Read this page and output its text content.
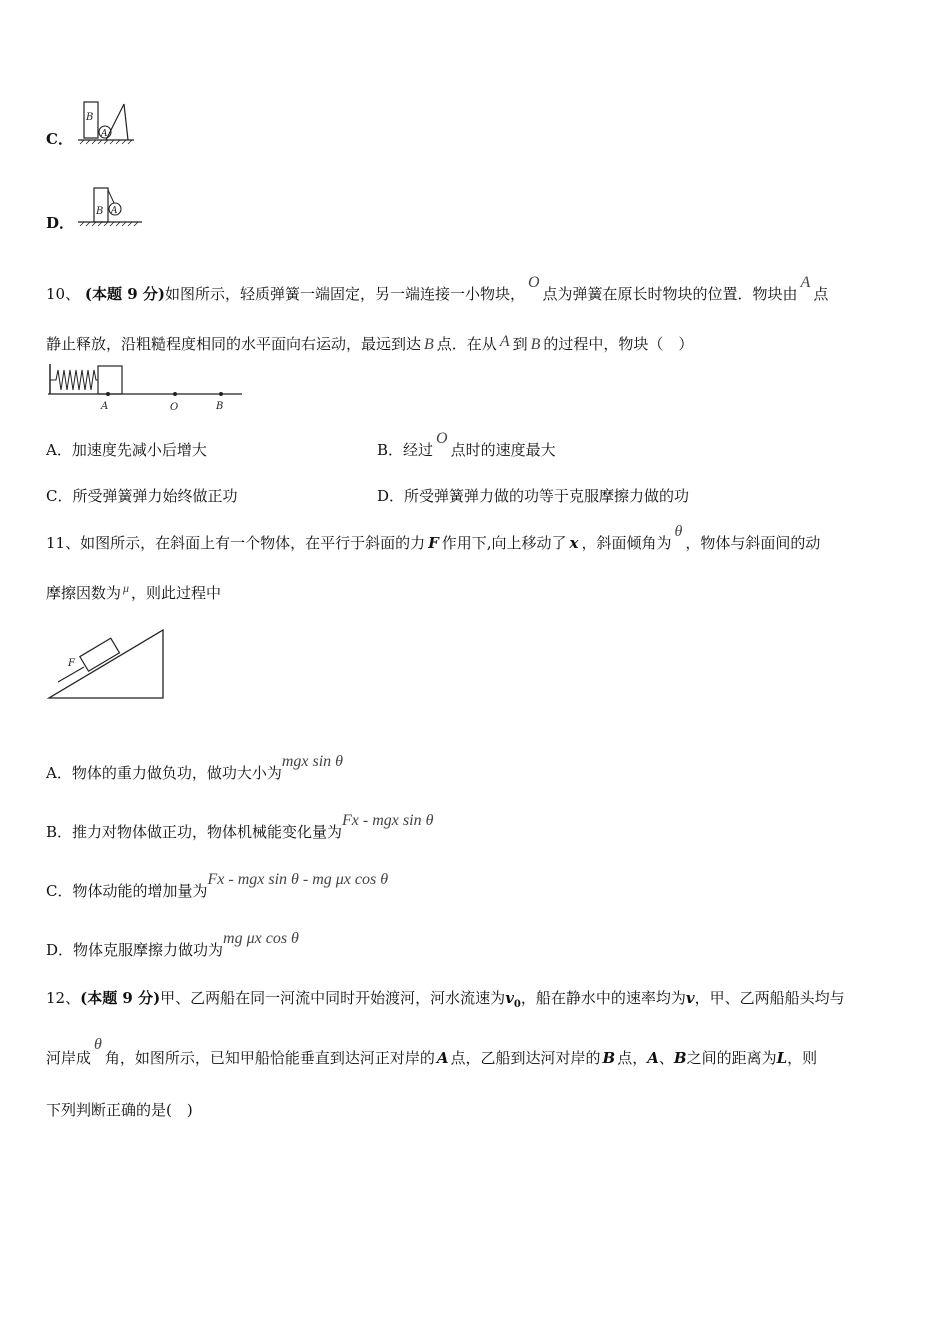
C．
B
A
D．
B A
10、 (本题 9 分)如图所示，轻质弹簧一端固定，另一端连接一小物块，O点为弹簧在原长时物块的位置．物块由A点
静止释放，沿粗糙程度相同的水平面向右运动，最远到达 B 点．在从 A 到 B 的过程中，物块（　）
A	O	B
A．加速度先减小后增大	B．经过O点时的速度最大
C．所受弹簧弹力始终做正功	D．所受弹簧弹力做的功等于克服摩擦力做的功
11、如图所示，在斜面上有一个物体，在平行于斜面的力 F 作用下,向上移动了 x ，斜面倾角为θ，物体与斜面间的动
摩擦因数为 $^\mu$ ，则此过程中
F
A．物体的重力做负功，做功大小为mgx sin θ
B．推力对物体做正功，物体机械能变化量为Fx - mgx sin θ
C．物体动能的增加量为Fx - mgx sin θ - mg μx cos θ
D．物体克服摩擦力做功为mg μx cos θ
12、(本题 9 分)甲、乙两船在同一河流中同时开始渡河，河水流速为$v_0$，船在静水中的速率均为v，甲、乙两船船头均与
河岸成θ角，如图所示，已知甲船恰能垂直到达河正对岸的 A 点，乙船到达河对岸的 B 点，A、B之间的距离为L，则
下列判断正确的是(　)
